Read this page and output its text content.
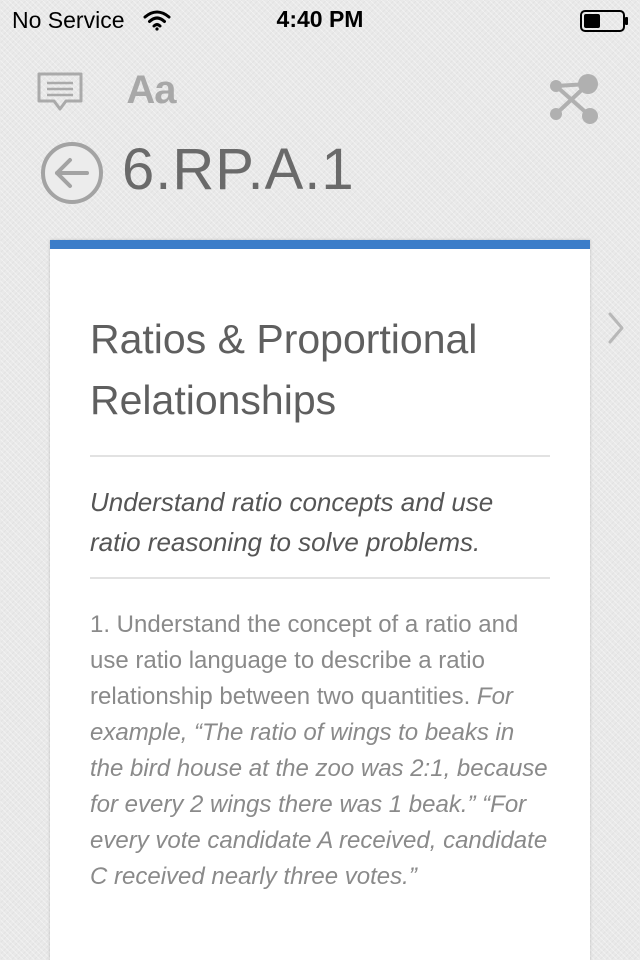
No Service	4:40 PM
Aa
6.RP.A.1
Ratios & Proportional Relationships

Understand ratio concepts and use ratio reasoning to solve problems.

1. Understand the concept of a ratio and use ratio language to describe a ratio relationship between two quantities. For example, “The ratio of wings to beaks in the bird house at the zoo was 2:1, because for every 2 wings there was 1 beak.” “For every vote candidate A received, candidate C received nearly three votes.”
